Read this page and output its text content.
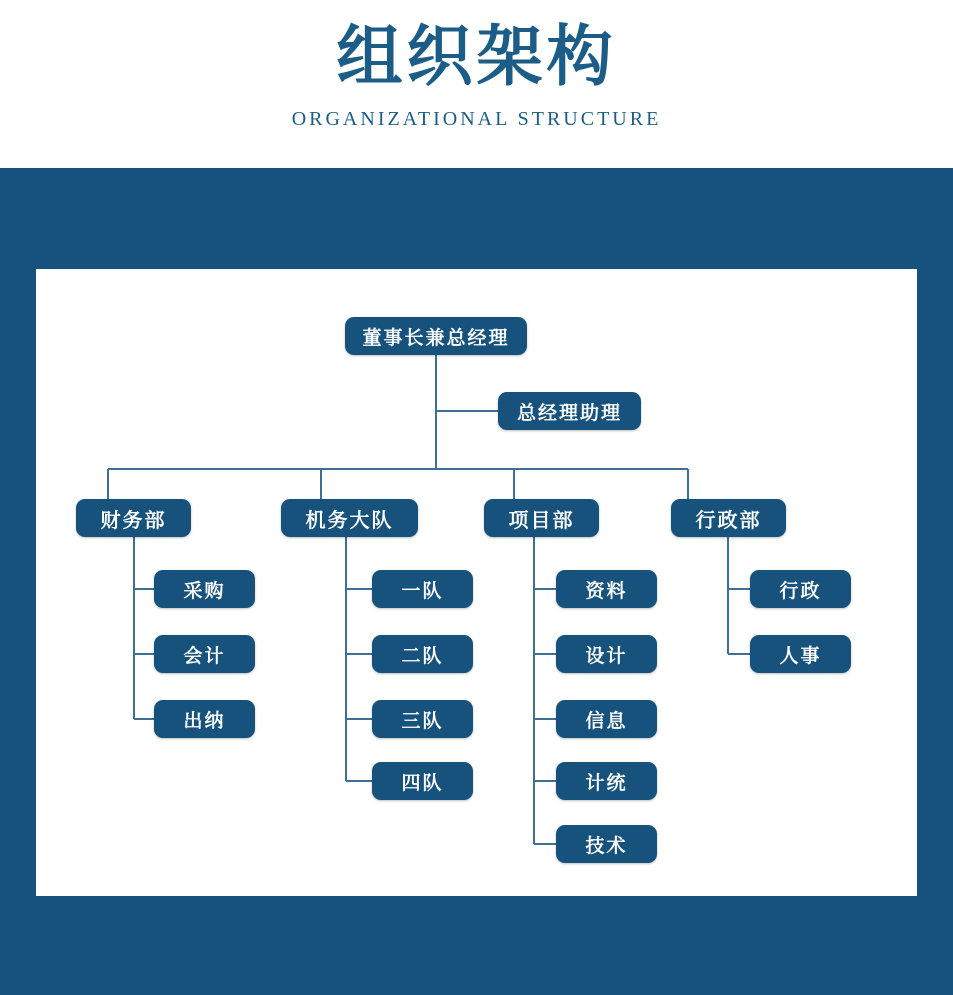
组织架构
ORGANIZATIONAL STRUCTURE
董事长兼总经理
总经理助理
财务部
采购
会计
出纳
机务大队
一队
二队
三队
四队
项目部
资料
设计
信息
计统
技术
行政部
行政
人事
